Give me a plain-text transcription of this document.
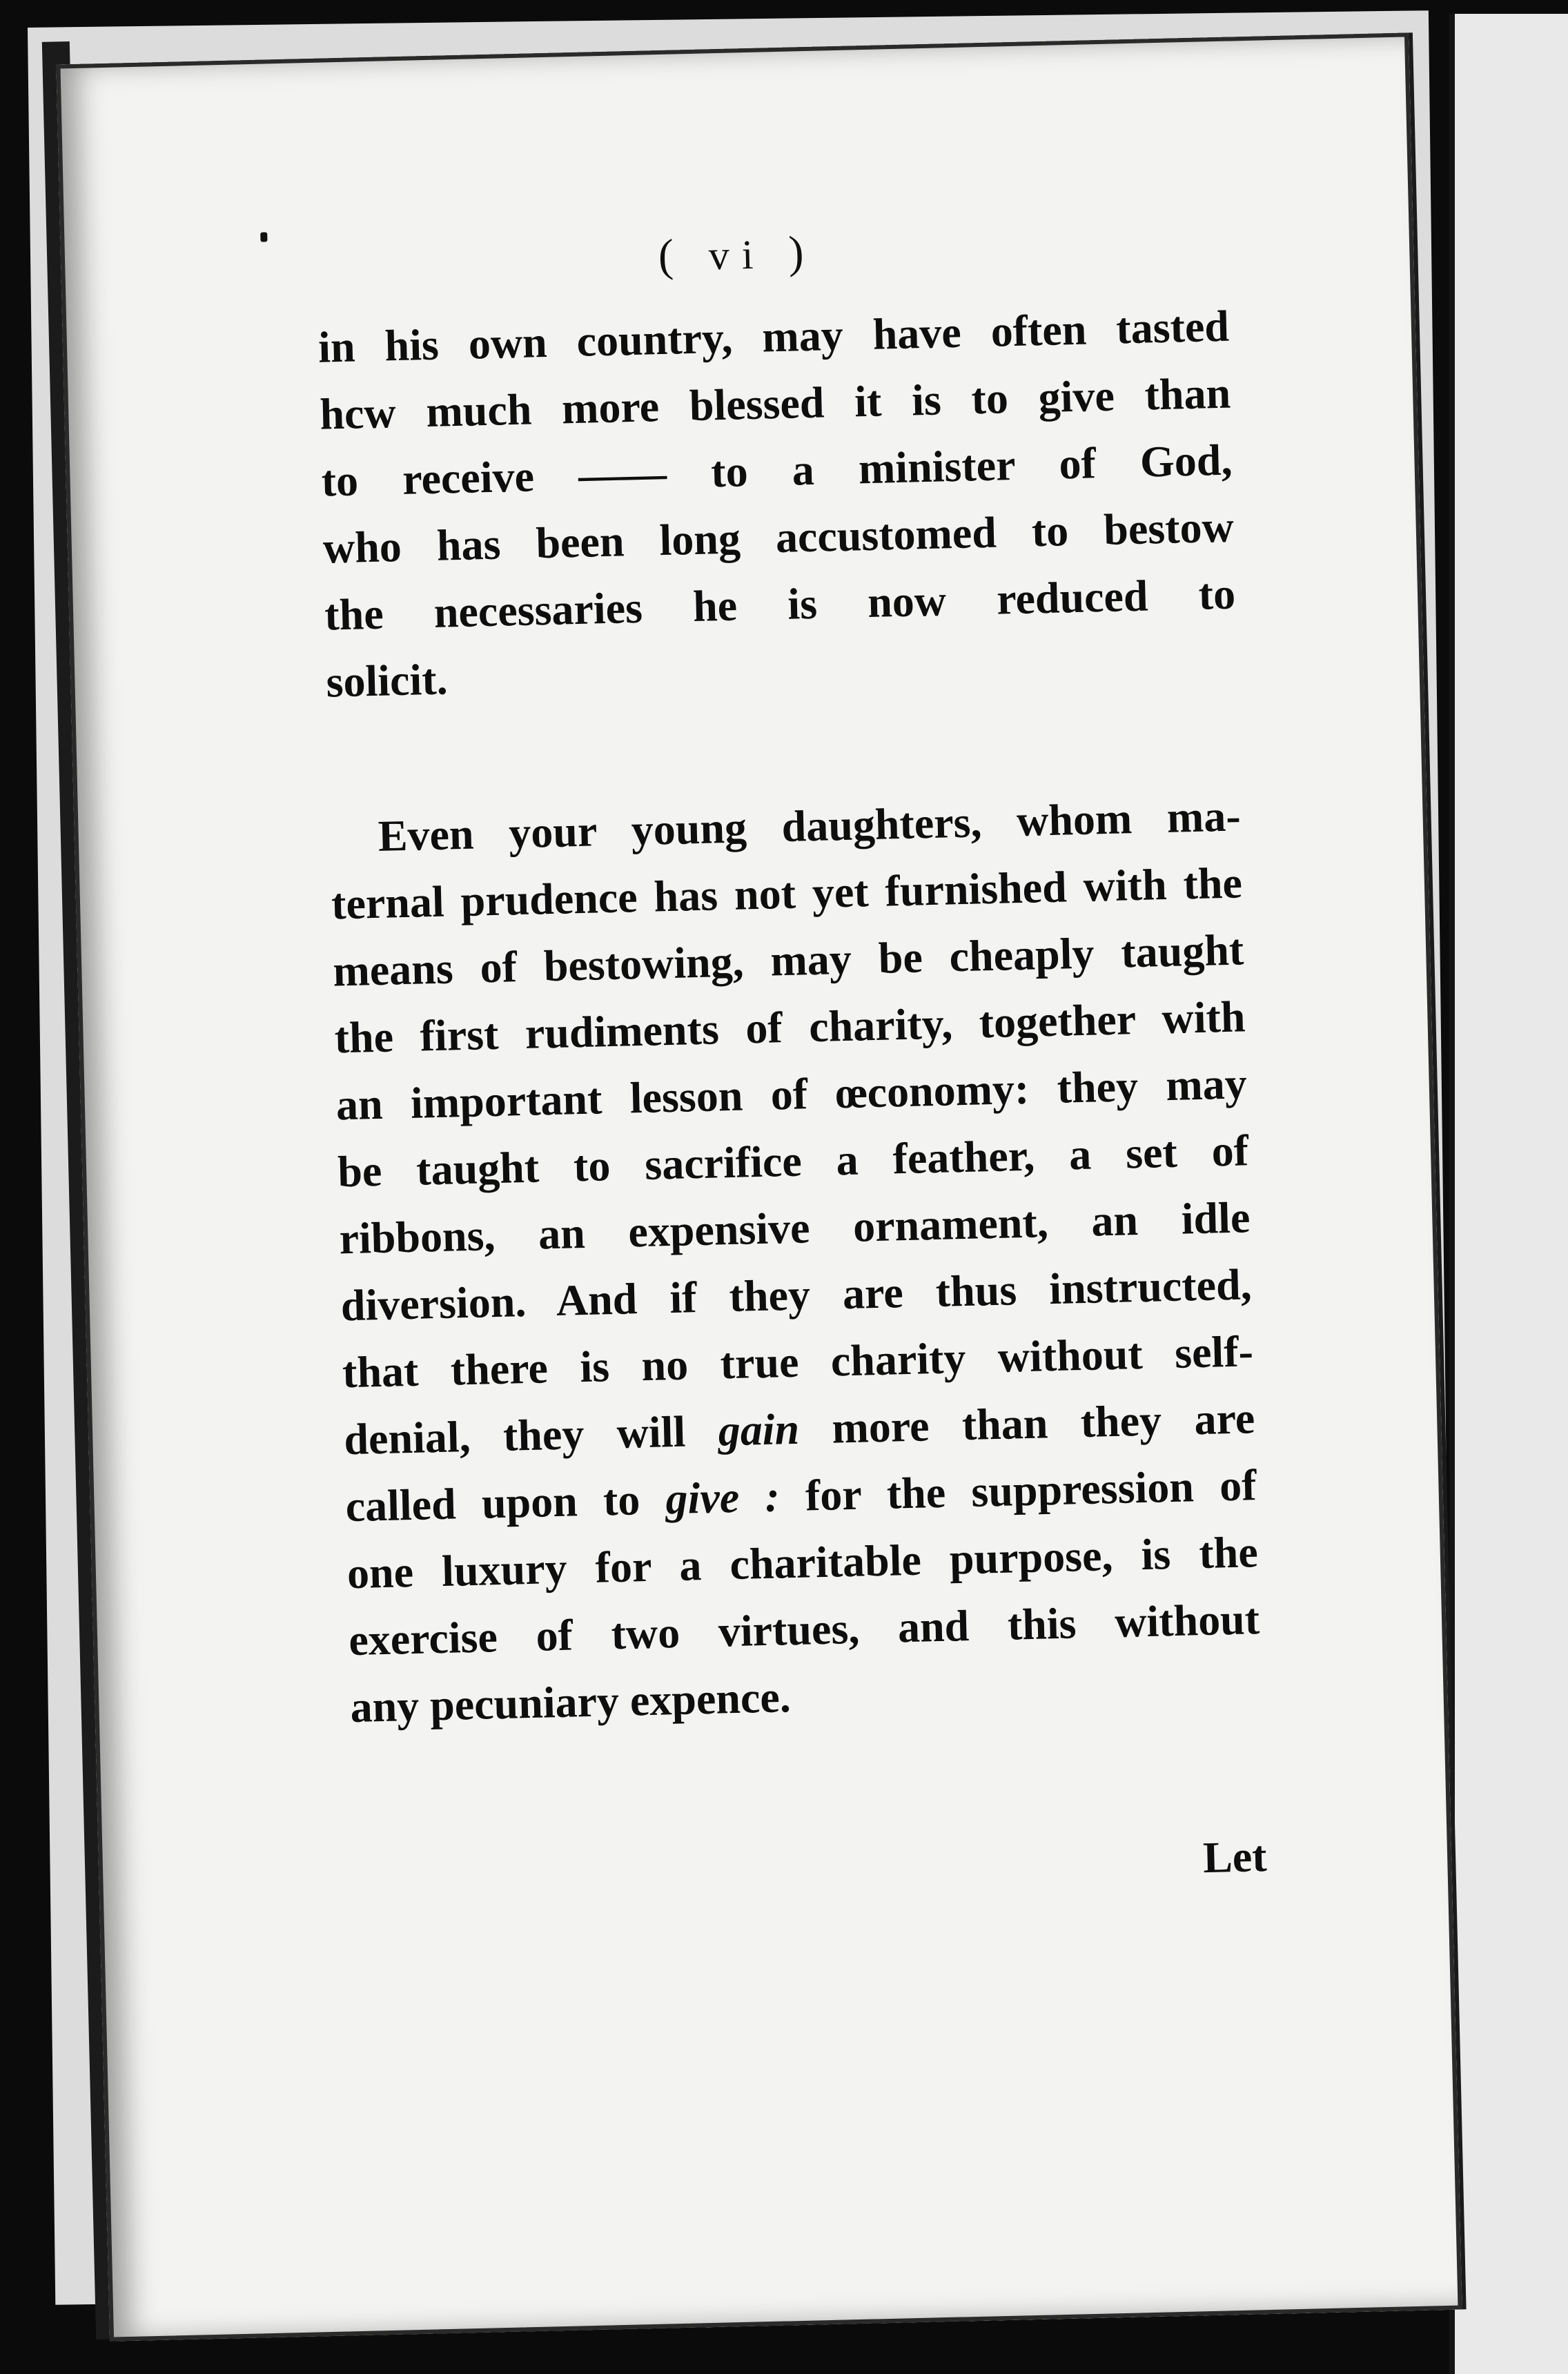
( vi )
in his own country, may have often tasted
hcw much more blessed it is to give than
to receive —— to a minister of God,
who has been long accustomed to bestow
the necessaries he is now reduced to
solicit.
Even your young daughters, whom ma-
ternal prudence has not yet furnished with the
means of bestowing, may be cheaply taught
the first rudiments of charity, together with
an important lesson of œconomy: they may
be taught to sacrifice a feather, a set of
ribbons, an expensive ornament, an idle
diversion. And if they are thus instructed,
that there is no true charity without self-
denial, they will gain more than they are
called upon to give : for the suppression of
one luxury for a charitable purpose, is the
exercise of two virtues, and this without
any pecuniary expence.
Let
